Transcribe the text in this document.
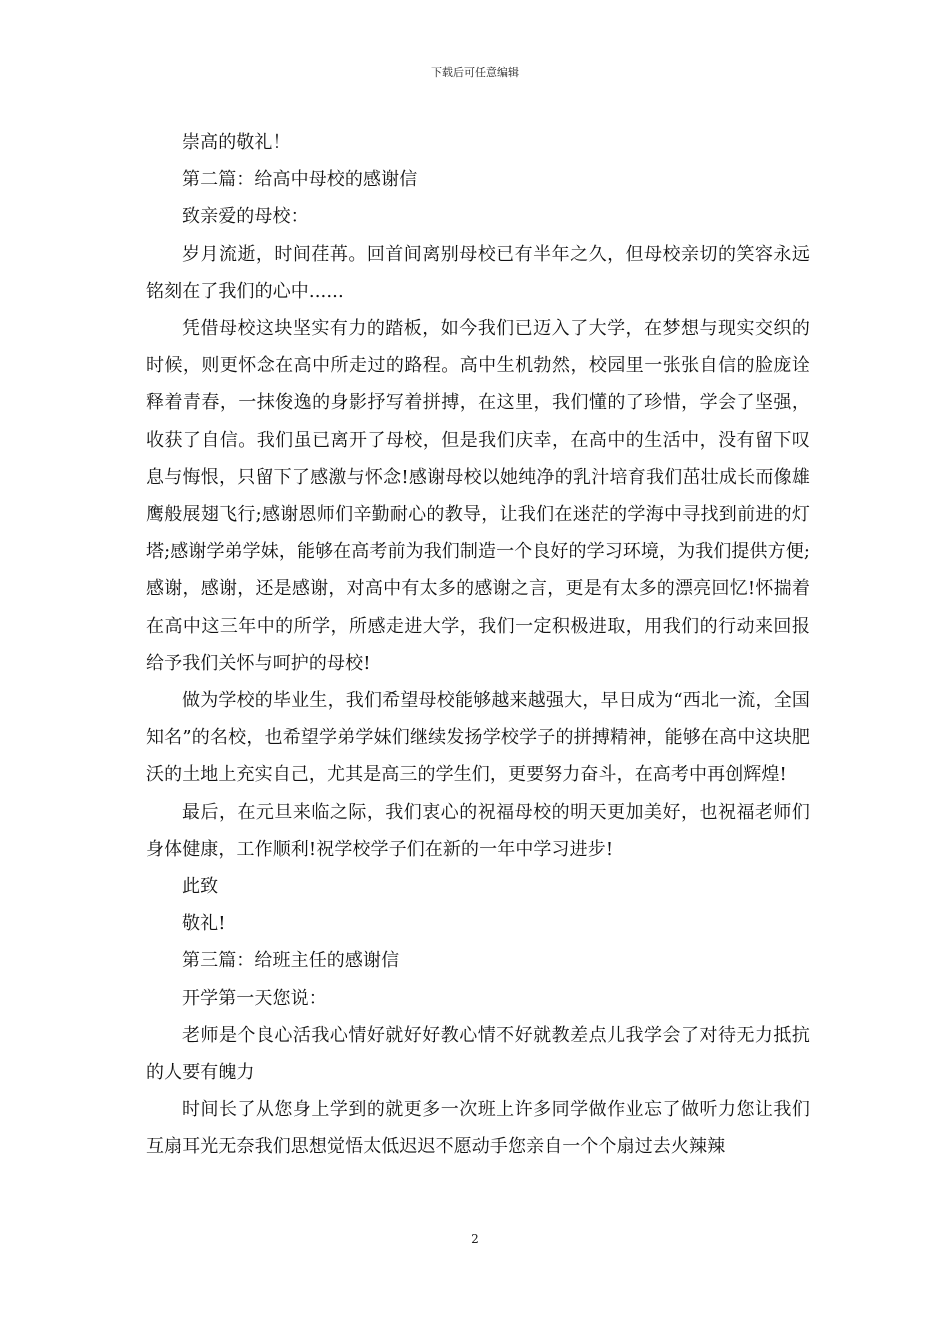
下载后可任意编辑

崇高的敬礼！

第二篇：给高中母校的感谢信

致亲爱的母校：

岁月流逝，时间荏苒。回首间离别母校已有半年之久，但母校亲切的笑容永远铭刻在了我们的心中......

凭借母校这块坚实有力的踏板，如今我们已迈入了大学，在梦想与现实交织的时候，则更怀念在高中所走过的路程。高中生机勃然，校园里一张张自信的脸庞诠释着青春，一抹俊逸的身影抒写着拼搏，在这里，我们懂的了珍惜，学会了坚强，收获了自信。我们虽已离开了母校，但是我们庆幸，在高中的生活中，没有留下叹息与悔恨，只留下了感激与怀念!感谢母校以她纯净的乳汁培育我们茁壮成长而像雄鹰般展翅飞行;感谢恩师们辛勤耐心的教导，让我们在迷茫的学海中寻找到前进的灯塔;感谢学弟学妹，能够在高考前为我们制造一个良好的学习环境，为我们提供方便;感谢，感谢，还是感谢，对高中有太多的感谢之言，更是有太多的漂亮回忆!怀揣着在高中这三年中的所学，所感走进大学，我们一定积极进取，用我们的行动来回报给予我们关怀与呵护的母校!

做为学校的毕业生，我们希望母校能够越来越强大，早日成为“西北一流，全国知名”的名校，也希望学弟学妹们继续发扬学校学子的拼搏精神，能够在高中这块肥沃的土地上充实自己，尤其是高三的学生们，更要努力奋斗，在高考中再创辉煌!

最后，在元旦来临之际，我们衷心的祝福母校的明天更加美好，也祝福老师们身体健康，工作顺利!祝学校学子们在新的一年中学习进步!

此致

敬礼!

第三篇：给班主任的感谢信

开学第一天您说：

老师是个良心活我心情好就好好教心情不好就教差点儿我学会了对待无力抵抗的人要有魄力

时间长了从您身上学到的就更多一次班上许多同学做作业忘了做听力您让我们互扇耳光无奈我们思想觉悟太低迟迟不愿动手您亲自一个个扇过去火辣辣

2
